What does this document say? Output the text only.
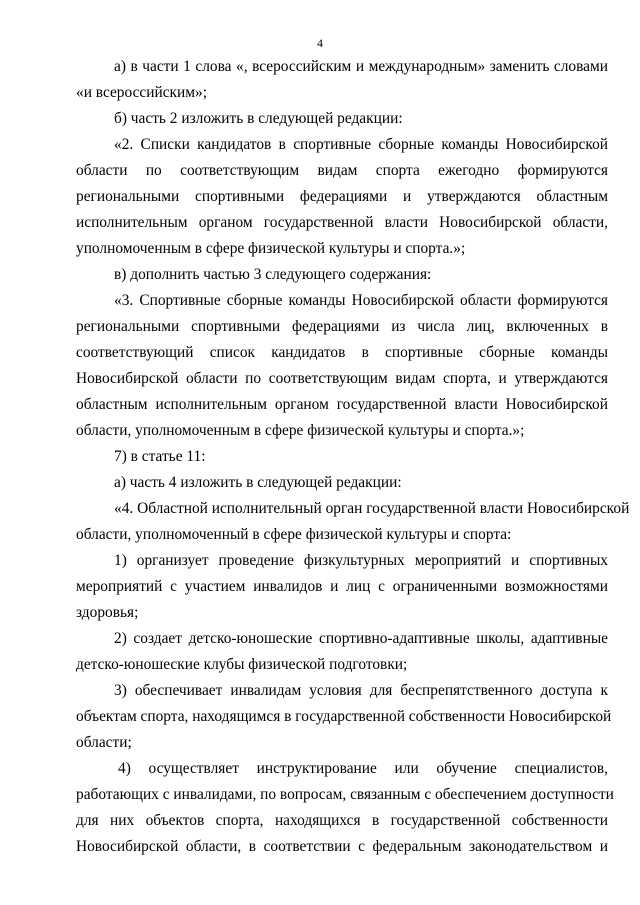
4
а) в части 1 слова «, всероссийским и международным» заменить словами
«и всероссийским»;
б) часть 2 изложить в следующей редакции:
«2. Списки кандидатов в спортивные сборные команды Новосибирской
области по соответствующим видам спорта ежегодно формируются
региональными спортивными федерациями и утверждаются областным
исполнительным органом государственной власти Новосибирской области,
уполномоченным в сфере физической культуры и спорта.»;
в) дополнить частью 3 следующего содержания:
«3. Спортивные сборные команды Новосибирской области формируются
региональными спортивными федерациями из числа лиц, включенных в
соответствующий список кандидатов в спортивные сборные команды
Новосибирской области по соответствующим видам спорта, и утверждаются
областным исполнительным органом государственной власти Новосибирской
области, уполномоченным в сфере физической культуры и спорта.»;
7) в статье 11:
а) часть 4 изложить в следующей редакции:
«4. Областной исполнительный орган государственной власти Новосибирской
области, уполномоченный в сфере физической культуры и спорта:
1) организует проведение физкультурных мероприятий и спортивных
мероприятий с участием инвалидов и лиц с ограниченными возможностями
здоровья;
2) создает детско-юношеские спортивно-адаптивные школы, адаптивные
детско-юношеские клубы физической подготовки;
3) обеспечивает инвалидам условия для беспрепятственного доступа к
объектам спорта, находящимся в государственной собственности Новосибирской
области;
4) осуществляет инструктирование или обучение специалистов,
работающих с инвалидами, по вопросам, связанным с обеспечением доступности
для них объектов спорта, находящихся в государственной собственности
Новосибирской области, в соответствии с федеральным законодательством и
